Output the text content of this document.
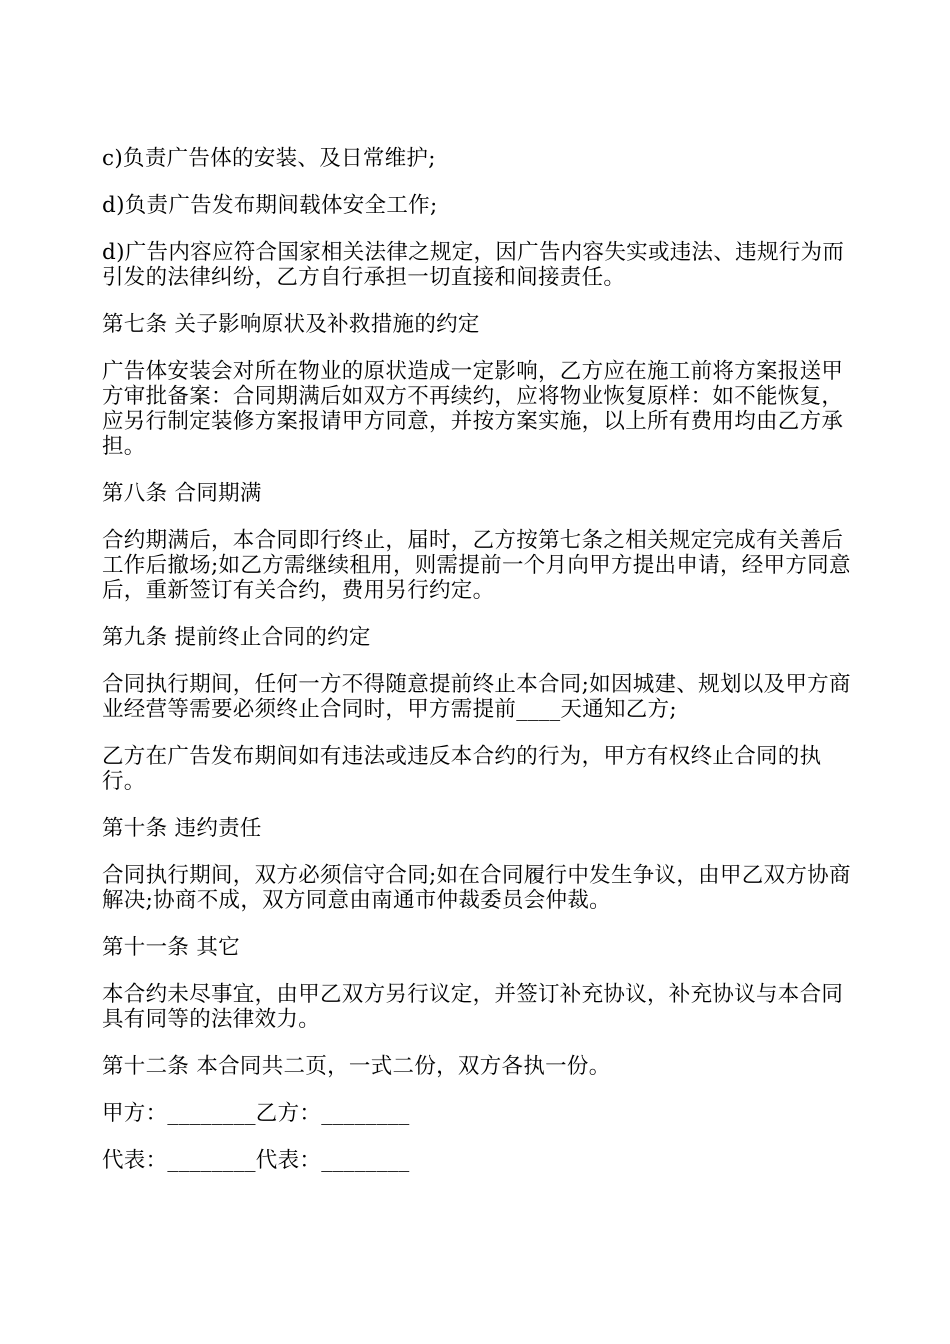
c)负责广告体的安装、及日常维护;

d)负责广告发布期间载体安全工作;

d)广告内容应符合国家相关法律之规定，因广告内容失实或违法、违规行为而引发的法律纠纷，乙方自行承担一切直接和间接责任。

第七条 关子影响原状及补救措施的约定

广告体安装会对所在物业的原状造成一定影响，乙方应在施工前将方案报送甲方审批备案：合同期满后如双方不再续约，应将物业恢复原样：如不能恢复，应另行制定装修方案报请甲方同意，并按方案实施，以上所有费用均由乙方承担。

第八条 合同期满

合约期满后，本合同即行终止，届时，乙方按第七条之相关规定完成有关善后工作后撤场;如乙方需继续租用，则需提前一个月向甲方提出申请，经甲方同意后，重新签订有关合约，费用另行约定。

第九条 提前终止合同的约定

合同执行期间，任何一方不得随意提前终止本合同;如因城建、规划以及甲方商业经营等需要必须终止合同时，甲方需提前____天通知乙方;

乙方在广告发布期间如有违法或违反本合约的行为，甲方有权终止合同的执行。

第十条 违约责任

合同执行期间，双方必须信守合同;如在合同履行中发生争议，由甲乙双方协商解决;协商不成，双方同意由南通市仲裁委员会仲裁。

第十一条 其它

本合约未尽事宜，由甲乙双方另行议定，并签订补充协议，补充协议与本合同具有同等的法律效力。

第十二条 本合同共二页，一式二份，双方各执一份。

甲方：________乙方：________

代表：________代表：________
